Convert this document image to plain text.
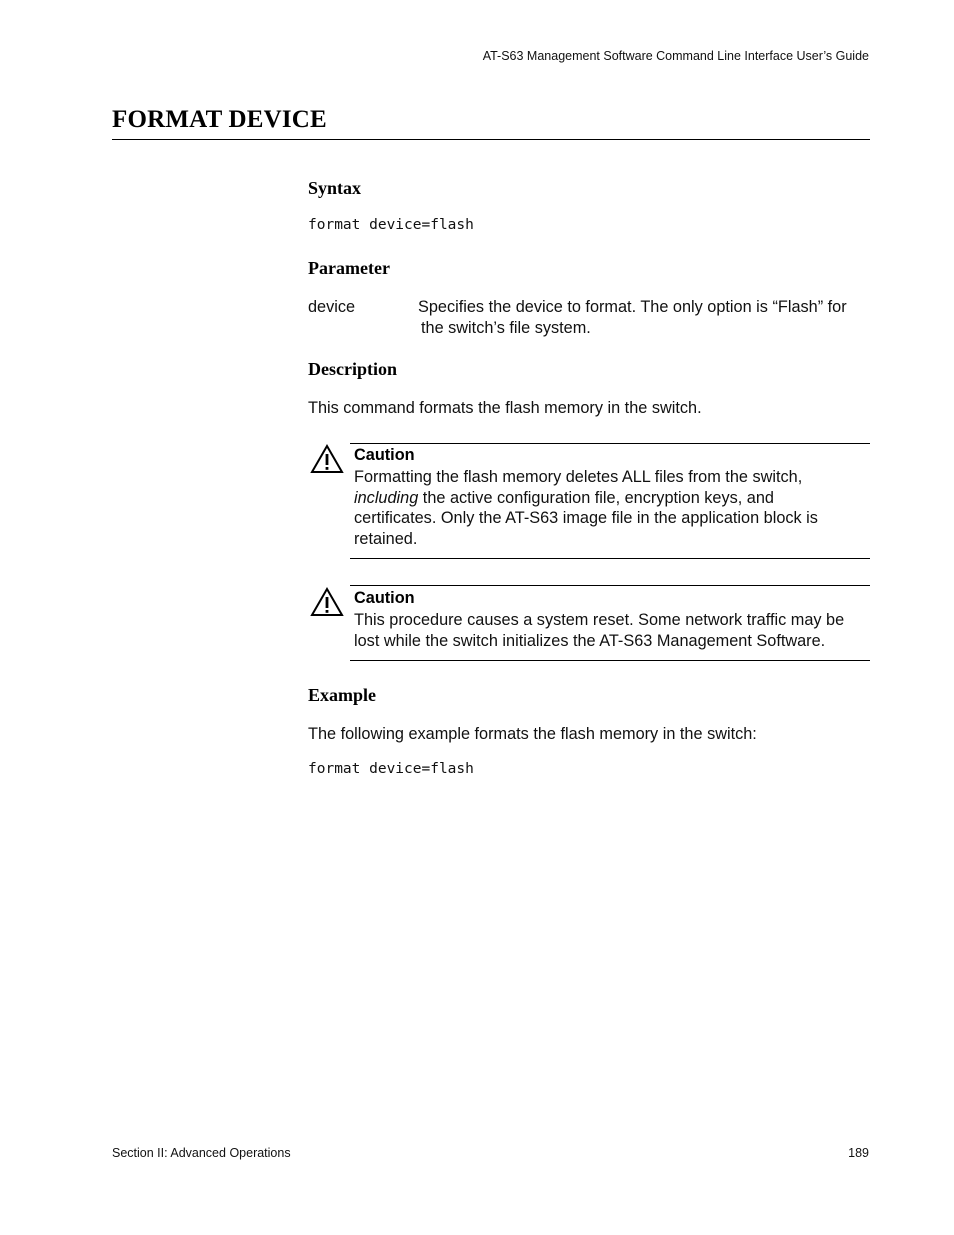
AT-S63 Management Software Command Line Interface User’s Guide
FORMAT DEVICE
Syntax

format device=flash

Parameter
device	Specifies the device to format. The only option is “Flash” for
the switch’s file system.
Description

This command formats the flash memory in the switch.

Caution

Formatting the flash memory deletes ALL files from the switch,
including the active configuration file, encryption keys, and
certificates. Only the AT-S63 image file in the application block is
retained.

Caution

This procedure causes a system reset. Some network traffic may be
lost while the switch initializes the AT-S63 Management Software.

Example

The following example formats the flash memory in the switch:

format device=flash

Section II: Advanced Operations	189
